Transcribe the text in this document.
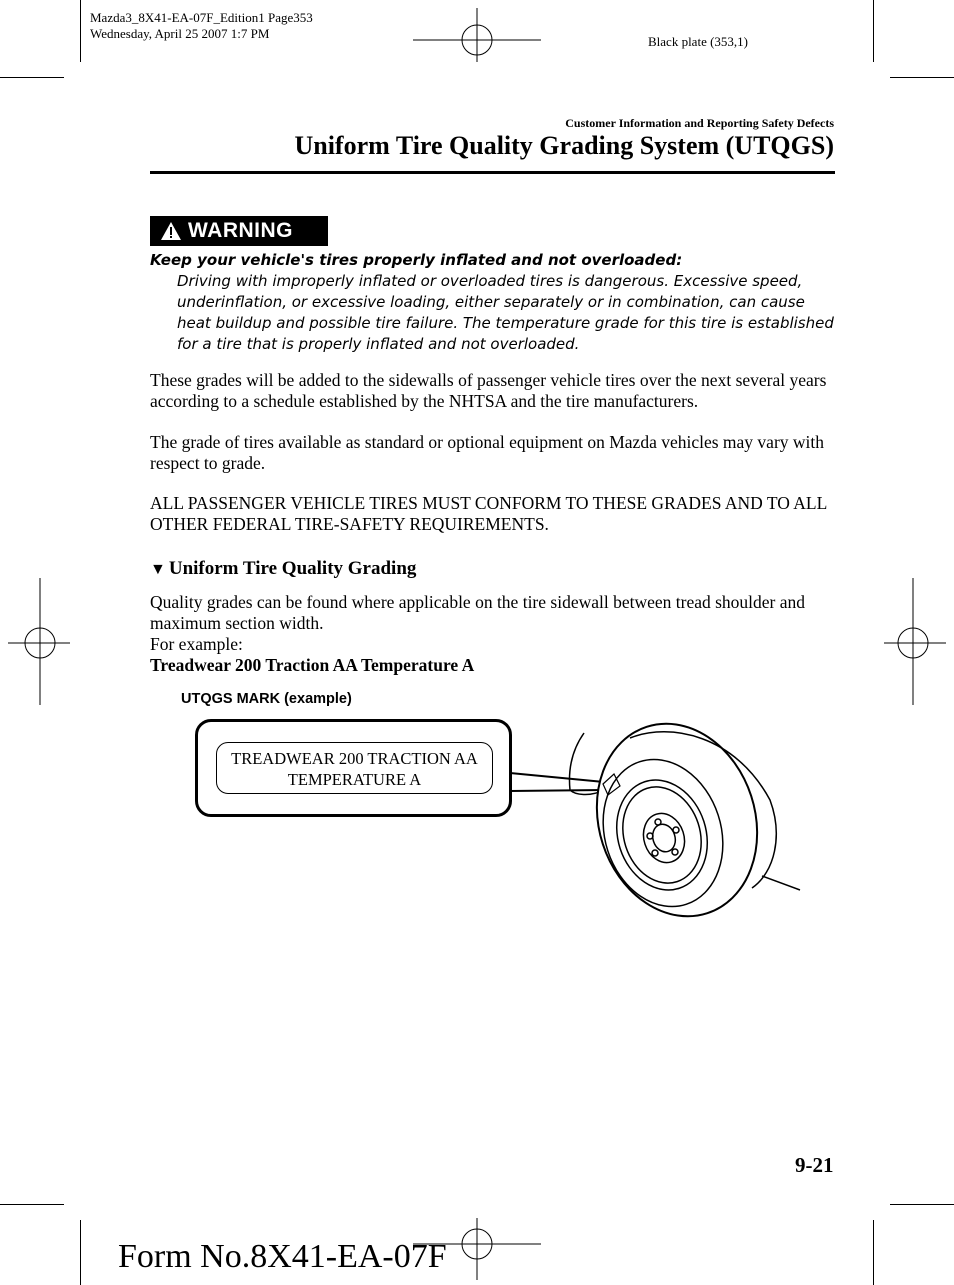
Mazda3_8X41-EA-07F_Edition1 Page353
Wednesday, April 25 2007 1:7 PM
Black plate (353,1)
Customer Information and Reporting Safety Defects
Uniform Tire Quality Grading System (UTQGS)
WARNING
Keep your vehicle's tires properly inflated and not overloaded:
Driving with improperly inflated or overloaded tires is dangerous. Excessive speed, underinflation, or excessive loading, either separately or in combination, can cause heat buildup and possible tire failure. The temperature grade for this tire is established for a tire that is properly inflated and not overloaded.
These grades will be added to the sidewalls of passenger vehicle tires over the next several years according to a schedule established by the NHTSA and the tire manufacturers.
The grade of tires available as standard or optional equipment on Mazda vehicles may vary with respect to grade.
ALL PASSENGER VEHICLE TIRES MUST CONFORM TO THESE GRADES AND TO ALL OTHER FEDERAL TIRE-SAFETY REQUIREMENTS.
▼ Uniform Tire Quality Grading
Quality grades can be found where applicable on the tire sidewall between tread shoulder and maximum section width.
For example:
Treadwear 200 Traction AA Temperature A
UTQGS MARK (example)
TREADWEAR 200 TRACTION AA
TEMPERATURE A
9-21
Form No.8X41-EA-07F
